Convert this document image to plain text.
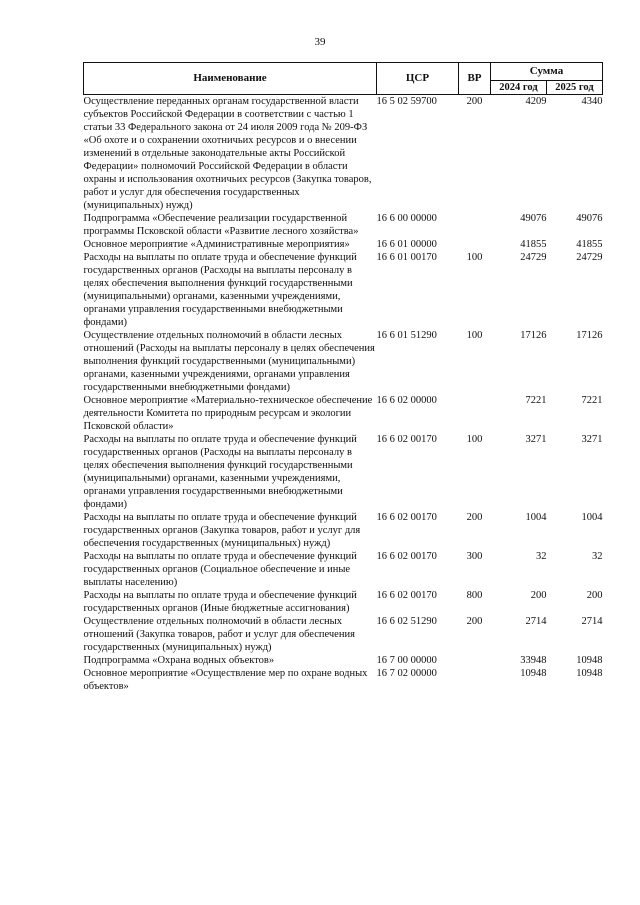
39
Наименование	ЦСР	ВР	Сумма	
			2024 год	2025 год
Осуществление переданных органам государственной власти субъектов Российской Федерации в соответствии с частью 1 статьи 33 Федерального закона от 24 июля 2009 года № 209-ФЗ «Об охоте и о сохранении охотничьих ресурсов и о внесении изменений в отдельные законодательные акты Российской Федерации» полномочий Российской Федерации в области охраны и использования охотничьих ресурсов (Закупка товаров, работ и услуг для обеспечения государственных (муниципальных) нужд)	16 5 02 59700	200	4209	4340
Подпрограмма «Обеспечение реализации государственной программы Псковской области «Развитие лесного хозяйства»	16 6 00 00000		49076	49076
Основное мероприятие «Административные мероприятия»	16 6 01 00000		41855	41855
Расходы на выплаты по оплате труда и обеспечение функций государственных органов (Расходы на выплаты персоналу в целях обеспечения выполнения функций государственными (муниципальными) органами, казенными учреждениями, органами управления государственными внебюджетными фондами)	16 6 01 00170	100	24729	24729
Осуществление отдельных полномочий в области лесных отношений (Расходы на выплаты персоналу в целях обеспечения выполнения функций государственными (муниципальными) органами, казенными учреждениями, органами управления государственными внебюджетными фондами)	16 6 01 51290	100	17126	17126
Основное мероприятие «Материально-техническое обеспечение деятельности Комитета по природным ресурсам и экологии Псковской области»	16 6 02 00000		7221	7221
Расходы на выплаты по оплате труда и обеспечение функций государственных органов (Расходы на выплаты персоналу в целях обеспечения выполнения функций государственными (муниципальными) органами, казенными учреждениями, органами управления государственными внебюджетными фондами)	16 6 02 00170	100	3271	3271
Расходы на выплаты по оплате труда и обеспечение функций государственных органов (Закупка товаров, работ и услуг для обеспечения государственных (муниципальных) нужд)	16 6 02 00170	200	1004	1004
Расходы на выплаты по оплате труда и обеспечение функций государственных органов (Социальное обеспечение и иные выплаты населению)	16 6 02 00170	300	32	32
Расходы на выплаты по оплате труда и обеспечение функций государственных органов (Иные бюджетные ассигнования)	16 6 02 00170	800	200	200
Осуществление отдельных полномочий в области лесных отношений (Закупка товаров, работ и услуг для обеспечения государственных (муниципальных) нужд)	16 6 02 51290	200	2714	2714
Подпрограмма «Охрана водных объектов»	16 7 00 00000		33948	10948
Основное мероприятие «Осуществление мер по охране водных объектов»	16 7 02 00000		10948	10948
